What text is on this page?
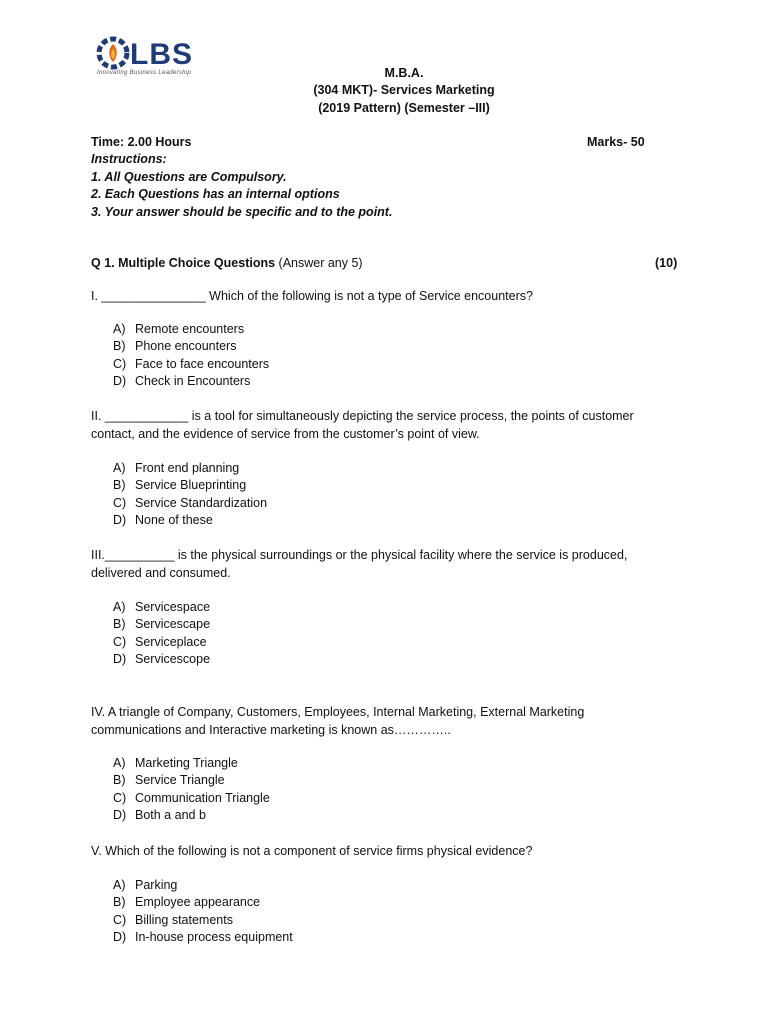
LBS
Innovating Business Leadership	M.B.A.
(304 MKT)- Services Marketing
(2019 Pattern) (Semester –III)
Time: 2.00 Hours	Marks- 50
Instructions:
1. All Questions are Compulsory.
2. Each Questions has an internal options
3. Your answer should be specific and to the point.
Q 1. Multiple Choice Questions (Answer any 5)	(10)
I. _______________ Which of the following is not a type of Service encounters?
A) Remote encounters
B) Phone encounters
C) Face to face encounters
D) Check in Encounters
II. ____________ is a tool for simultaneously depicting the service process, the points of customer
contact, and the evidence of service from the customer’s point of view.
A) Front end planning
B) Service Blueprinting
C) Service Standardization
D) None of these
III.__________ is the physical surroundings or the physical facility where the service is produced,
delivered and consumed.
A) Servicespace
B) Servicescape
C) Serviceplace
D) Servicescope
IV. A triangle of Company, Customers, Employees, Internal Marketing, External Marketing
communications and Interactive marketing is known as…………..
A) Marketing Triangle
B) Service Triangle
C) Communication Triangle
D) Both a and b
V. Which of the following is not a component of service firms physical evidence?
A) Parking
B) Employee appearance
C) Billing statements
D) In-house process equipment
